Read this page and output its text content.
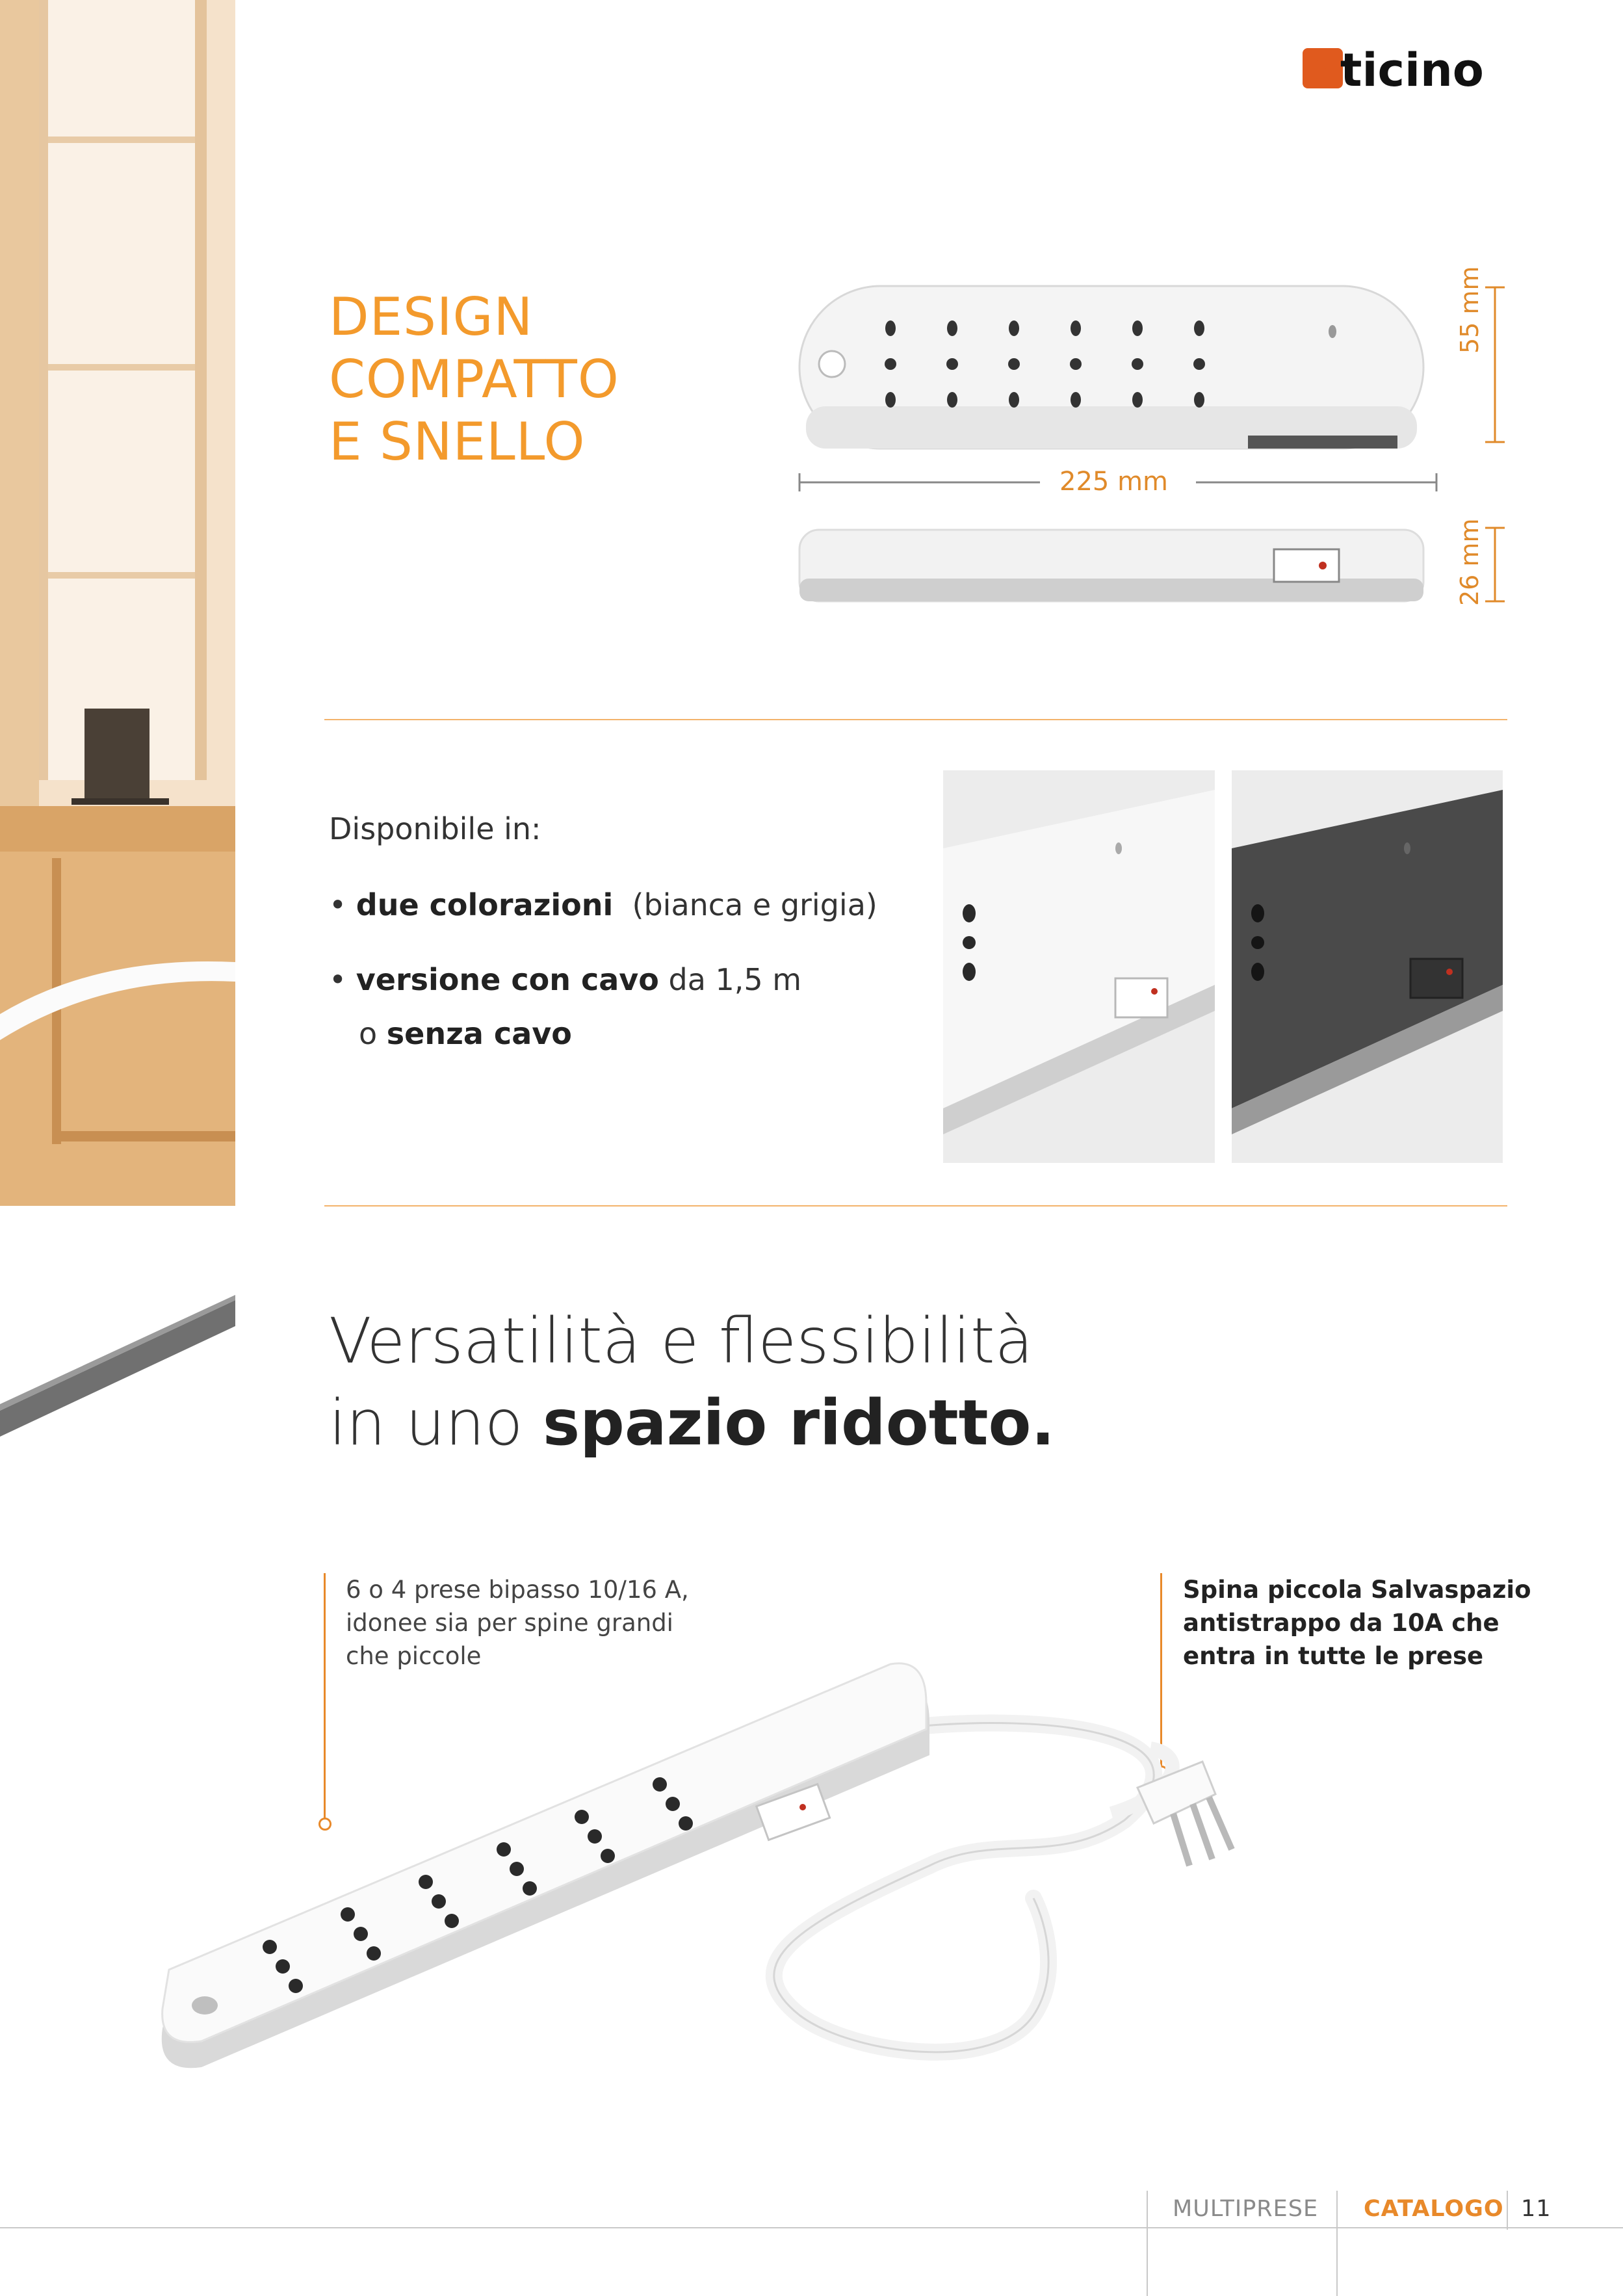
b ticino
DESIGN
COMPATTO
E SNELLO
55 mm
225 mm
26 mm
Disponibile in:
• due colorazioni (bianca e grigia)
• versione con cavo da 1,5 m
o senza cavo
Versatilità e flessibilità
in uno spazio ridotto.
6 o 4 prese bipasso 10/16 A,
idonee sia per spine grandi
che piccole
Spina piccola Salvaspazio
antistrappo da 10A che
entra in tutte le prese
MULTIPRESE CATALOGO 11
